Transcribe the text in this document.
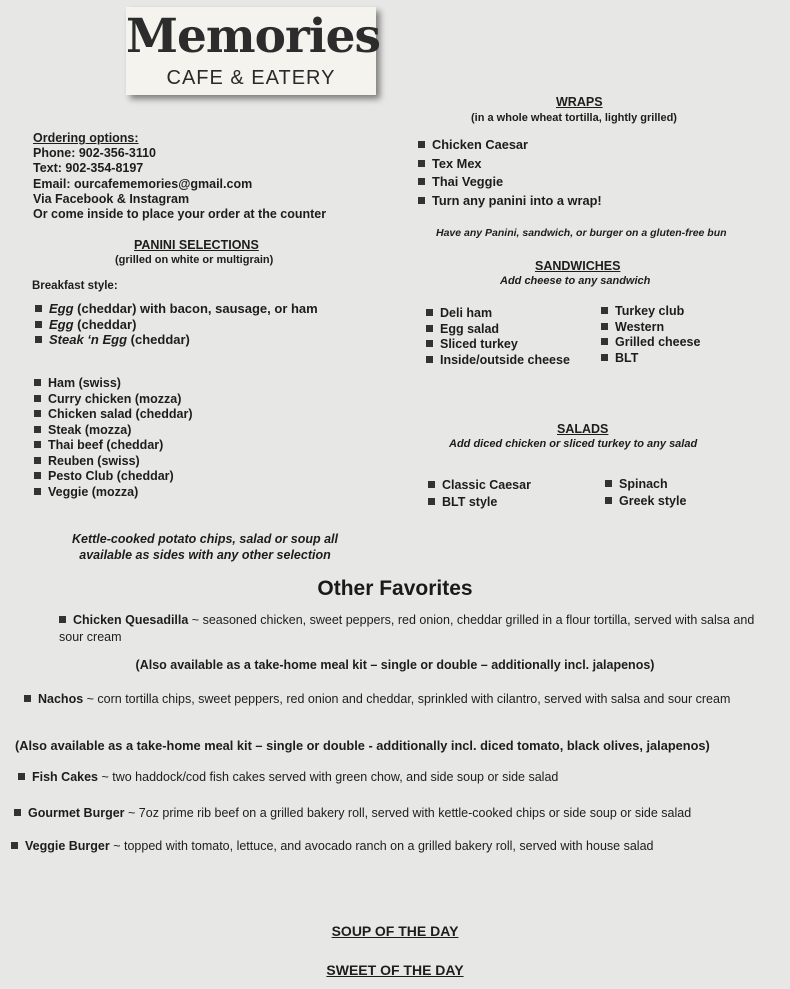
Memories
CAFE & EATERY
Ordering options:
Phone: 902-356-3110
Text: 902-354-8197
Email: ourcafememories@gmail.com
Via Facebook & Instagram
Or come inside to place your order at the counter
PANINI SELECTIONS
(grilled on white or multigrain)
Breakfast style:
Egg (cheddar) with bacon, sausage, or ham
Egg (cheddar)
Steak ‘n Egg (cheddar)
Ham (swiss)
Curry chicken (mozza)
Chicken salad (cheddar)
Steak (mozza)
Thai beef (cheddar)
Reuben (swiss)
Pesto Club (cheddar)
Veggie (mozza)
Kettle-cooked potato chips, salad or soup all
available as sides with any other selection
WRAPS
(in a whole wheat tortilla, lightly grilled)
Chicken Caesar
Tex Mex
Thai Veggie
Turn any panini into a wrap!
Have any Panini, sandwich, or burger on a gluten-free bun
SANDWICHES
Add cheese to any sandwich
Deli ham
Egg salad
Sliced turkey
Inside/outside cheese
Turkey club
Western
Grilled cheese
BLT
SALADS
Add diced chicken or sliced turkey to any salad
Classic Caesar
BLT style
Spinach
Greek style
Other Favorites
Chicken Quesadilla ~ seasoned chicken, sweet peppers, red onion, cheddar grilled in a flour tortilla, served with salsa and sour cream
(Also available as a take-home meal kit – single or double – additionally incl. jalapenos)
Nachos ~ corn tortilla chips, sweet peppers, red onion and cheddar, sprinkled with cilantro, served with salsa and sour cream
(Also available as a take-home meal kit – single or double - additionally incl. diced tomato, black olives, jalapenos)
Fish Cakes ~ two haddock/cod fish cakes served with green chow, and side soup or side salad
Gourmet Burger ~ 7oz prime rib beef on a grilled bakery roll, served with kettle-cooked chips or side soup or side salad
Veggie Burger ~ topped with tomato, lettuce, and avocado ranch on a grilled bakery roll, served with house salad
SOUP OF THE DAY
SWEET OF THE DAY
